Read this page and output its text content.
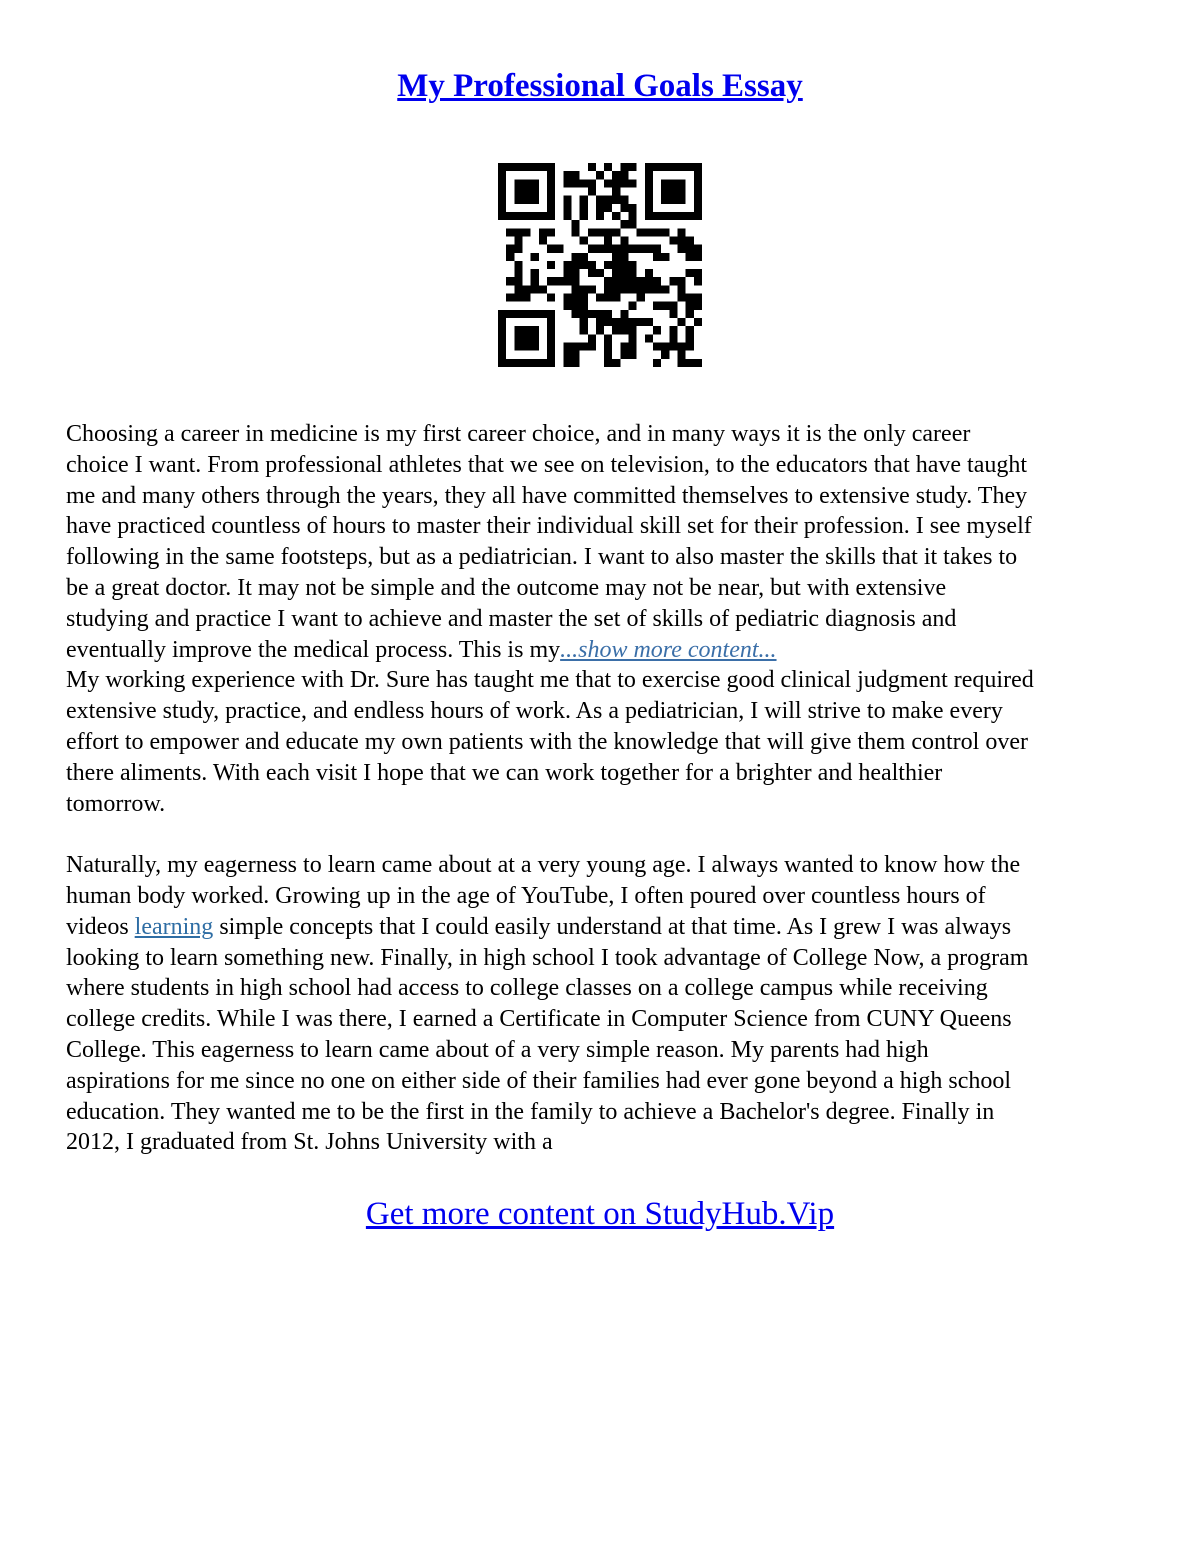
My Professional Goals Essay
Choosing a career in medicine is my first career choice, and in many ways it is the only career
choice I want. From professional athletes that we see on television, to the educators that have taught
me and many others through the years, they all have committed themselves to extensive study. They
have practiced countless of hours to master their individual skill set for their profession. I see myself
following in the same footsteps, but as a pediatrician. I want to also master the skills that it takes to
be a great doctor. It may not be simple and the outcome may not be near, but with extensive
studying and practice I want to achieve and master the set of skills of pediatric diagnosis and
eventually improve the medical process. This is my...show more content...
My working experience with Dr. Sure has taught me that to exercise good clinical judgment required
extensive study, practice, and endless hours of work. As a pediatrician, I will strive to make every
effort to empower and educate my own patients with the knowledge that will give them control over
there aliments. With each visit I hope that we can work together for a brighter and healthier
tomorrow.
Naturally, my eagerness to learn came about at a very young age. I always wanted to know how the
human body worked. Growing up in the age of YouTube, I often poured over countless hours of
videos learning simple concepts that I could easily understand at that time. As I grew I was always
looking to learn something new. Finally, in high school I took advantage of College Now, a program
where students in high school had access to college classes on a college campus while receiving
college credits. While I was there, I earned a Certificate in Computer Science from CUNY Queens
College. This eagerness to learn came about of a very simple reason. My parents had high
aspirations for me since no one on either side of their families had ever gone beyond a high school
education. They wanted me to be the first in the family to achieve a Bachelor's degree. Finally in
2012, I graduated from St. Johns University with a
Get more content on StudyHub.Vip
